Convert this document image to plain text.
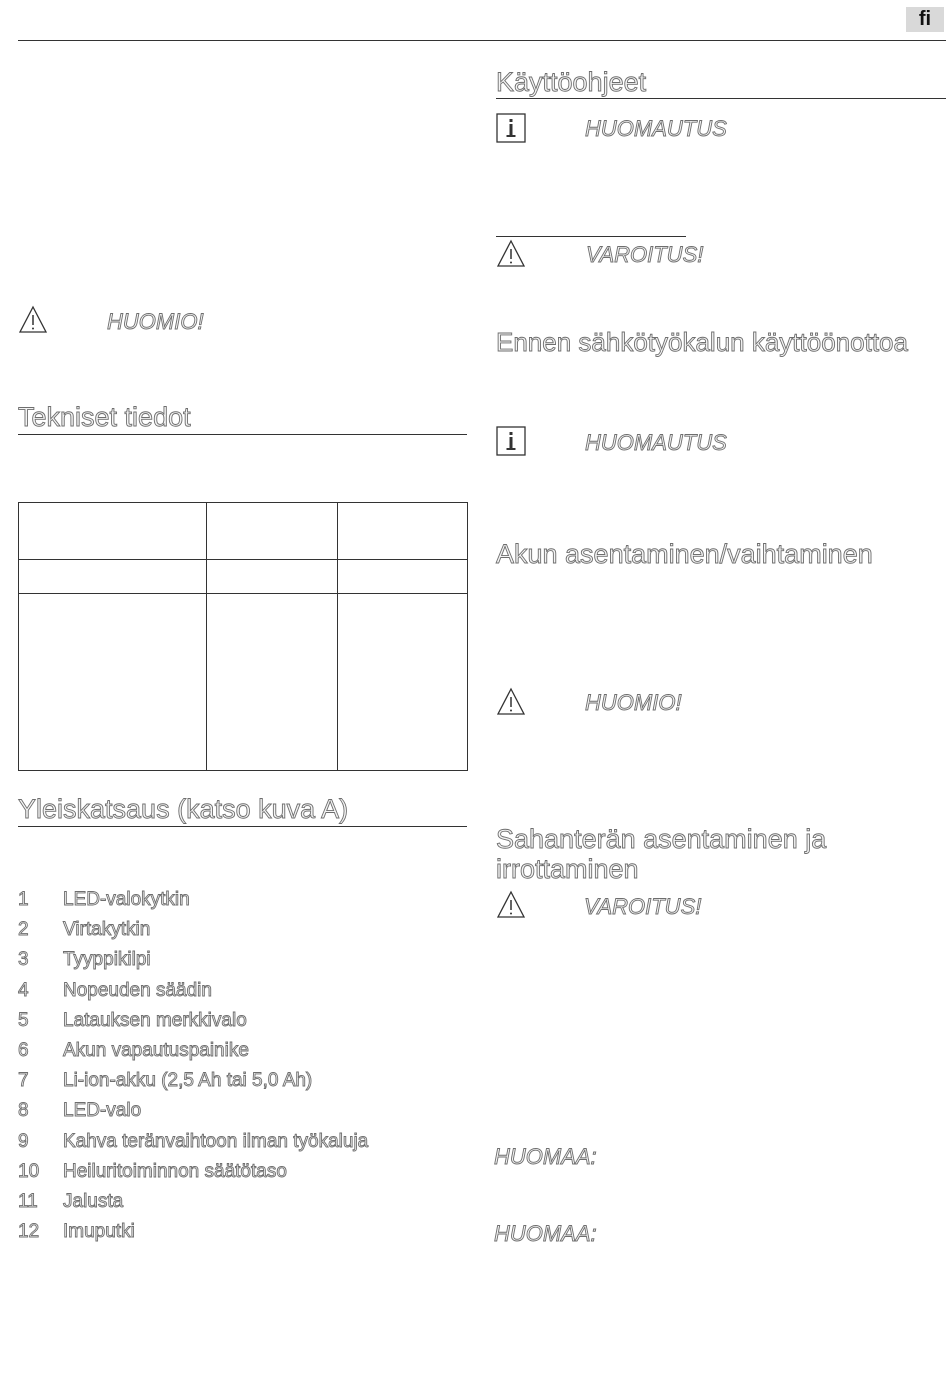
fi
HUOMIO!
Tekniset tiedot

Yleiskatsaus (katso kuva A)
1 LED-valokytkin
2 Virtakytkin
3 Tyyppikilpi
4 Nopeuden säädin
5 Latauksen merkkivalo
6 Akun vapautuspainike
7 Li-ion-akku (2,5 Ah tai 5,0 Ah)
8 LED-valo
9 Kahva teränvaihtoon ilman työkaluja
10 Heiluritoiminnon säätötaso
11 Jalusta
12 Imuputki
Käyttöohjeet
HUOMAUTUS
VAROITUS!
Ennen sähkötyökalun käyttöönottoa
HUOMAUTUS
Akun asentaminen/vaihtaminen
HUOMIO!
Sahanterän asentaminen ja
irrottaminen
VAROITUS!
HUOMAA:
HUOMAA:
